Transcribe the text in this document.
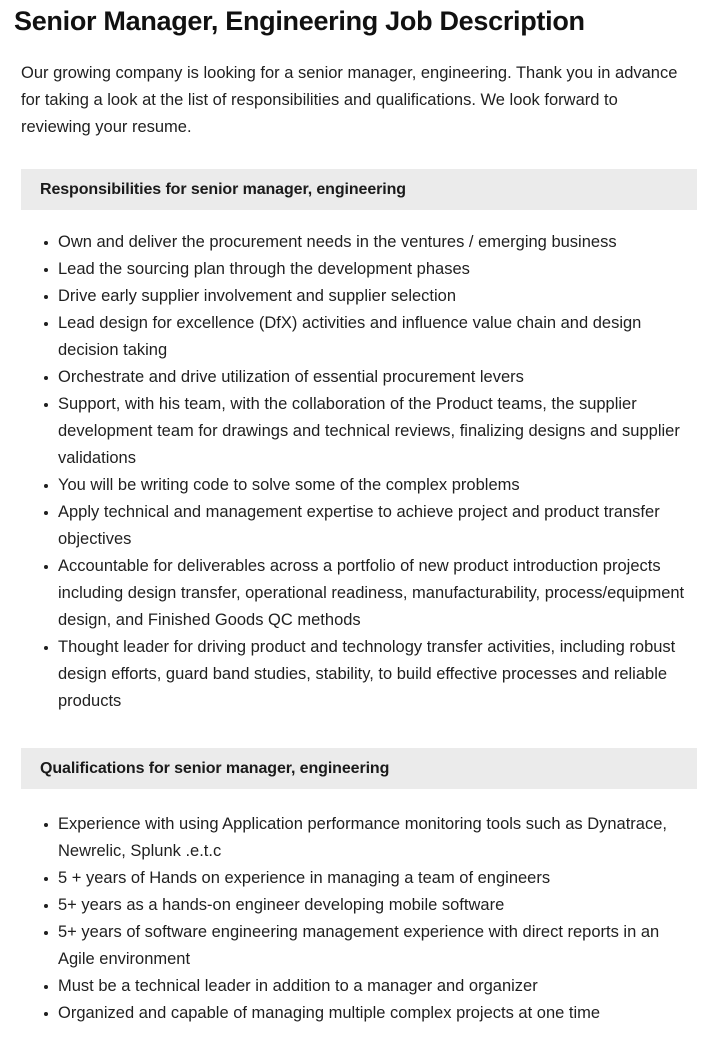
Senior Manager, Engineering Job Description

Our growing company is looking for a senior manager, engineering. Thank you in advance for taking a look at the list of responsibilities and qualifications. We look forward to reviewing your resume.

Responsibilities for senior manager, engineering
Own and deliver the procurement needs in the ventures / emerging business
Lead the sourcing plan through the development phases
Drive early supplier involvement and supplier selection
Lead design for excellence (DfX) activities and influence value chain and design decision taking
Orchestrate and drive utilization of essential procurement levers
Support, with his team, with the collaboration of the Product teams, the supplier development team for drawings and technical reviews, finalizing designs and supplier validations
You will be writing code to solve some of the complex problems
Apply technical and management expertise to achieve project and product transfer objectives
Accountable for deliverables across a portfolio of new product introduction projects including design transfer, operational readiness, manufacturability, process/equipment design, and Finished Goods QC methods
Thought leader for driving product and technology transfer activities, including robust design efforts, guard band studies, stability, to build effective processes and reliable products
Qualifications for senior manager, engineering
Experience with using Application performance monitoring tools such as Dynatrace, Newrelic, Splunk .e.t.c
5 + years of Hands on experience in managing a team of engineers
5+ years as a hands-on engineer developing mobile software
5+ years of software engineering management experience with direct reports in an Agile environment
Must be a technical leader in addition to a manager and organizer
Organized and capable of managing multiple complex projects at one time
